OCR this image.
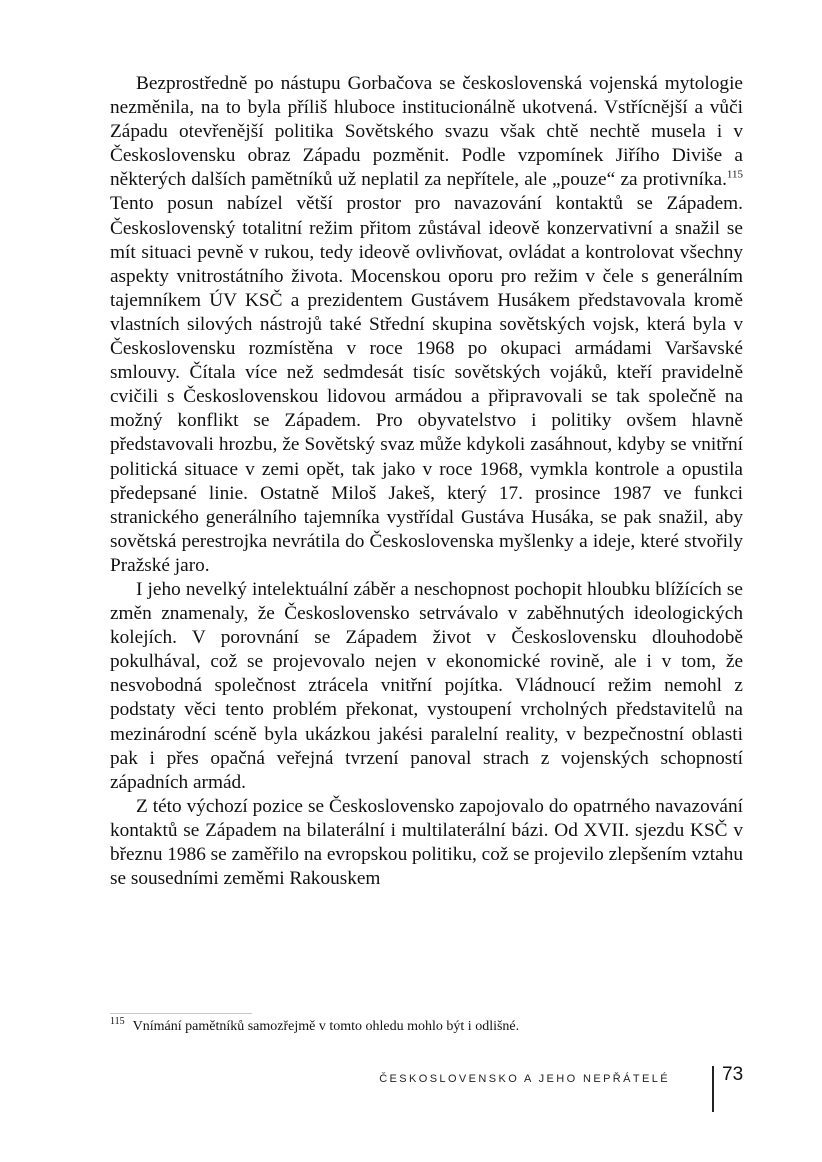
Bezprostředně po nástupu Gorbačova se československá vojenská mytologie nezměnila, na to byla příliš hluboce institucionálně ukotvená. Vstřícnější a vůči Západu otevřenější politika Sovětského svazu však chtě nechtě musela i v Československu obraz Západu pozměnit. Podle vzpomínek Jiřího Diviše a některých dalších pamětníků už neplatil za nepřítele, ale „pouze“ za protivníka.$^{115}$ Tento posun nabízel větší prostor pro navazování kontaktů se Západem. Československý totalitní režim přitom zůstával ideově konzervativní a snažil se mít situaci pevně v rukou, tedy ideově ovlivňovat, ovládat a kontrolovat všechny aspekty vnitrostátního života. Mocenskou oporu pro režim v čele s generálním tajemníkem ÚV KSČ a prezidentem Gustávem Husákem představovala kromě vlastních silových nástrojů také Střední skupina sovětských vojsk, která byla v Československu rozmístěna v roce 1968 po okupaci armádami Varšavské smlouvy. Čítala více než sedmdesát tisíc sovětských vojáků, kteří pravidelně cvičili s Československou lidovou armádou a připravovali se tak společně na možný konflikt se Západem. Pro obyvatelstvo i politiky ovšem hlavně představovali hrozbu, že Sovětský svaz může kdykoli zasáhnout, kdyby se vnitřní politická situace v zemi opět, tak jako v roce 1968, vymkla kontrole a opustila předepsané linie. Ostatně Miloš Jakeš, který 17. prosince 1987 ve funkci stranického generálního tajemníka vystřídal Gustáva Husáka, se pak snažil, aby sovětská perestrojka nevrátila do Československa myšlenky a ideje, které stvořily Pražské jaro.

I jeho nevelký intelektuální záběr a neschopnost pochopit hloubku blížících se změn znamenaly, že Československo setrvávalo v zaběhnutých ideologických kolejích. V porovnání se Západem život v Československu dlouhodobě pokulhával, což se projevovalo nejen v ekonomické rovině, ale i v tom, že nesvobodná společnost ztrácela vnitřní pojítka. Vládnoucí režim nemohl z podstaty věci tento problém překonat, vystoupení vrcholných představitelů na mezinárodní scéně byla ukázkou jakési paralelní reality, v bezpečnostní oblasti pak i přes opačná veřejná tvrzení panoval strach z vojenských schopností západních armád.

Z této výchozí pozice se Československo zapojovalo do opatrného navazování kontaktů se Západem na bilaterální i multilaterální bázi. Od XVII. sjezdu KSČ v březnu 1986 se zaměřilo na evropskou politiku, což se projevilo zlepšením vztahu se sousedními zeměmi Rakouskem

$^{115}$ Vnímání pamětníků samozřejmě v tomto ohledu mohlo být i odlišné.
ČESKOSLOVENSKO A JEHO NEPŘÁTELÉ	73
